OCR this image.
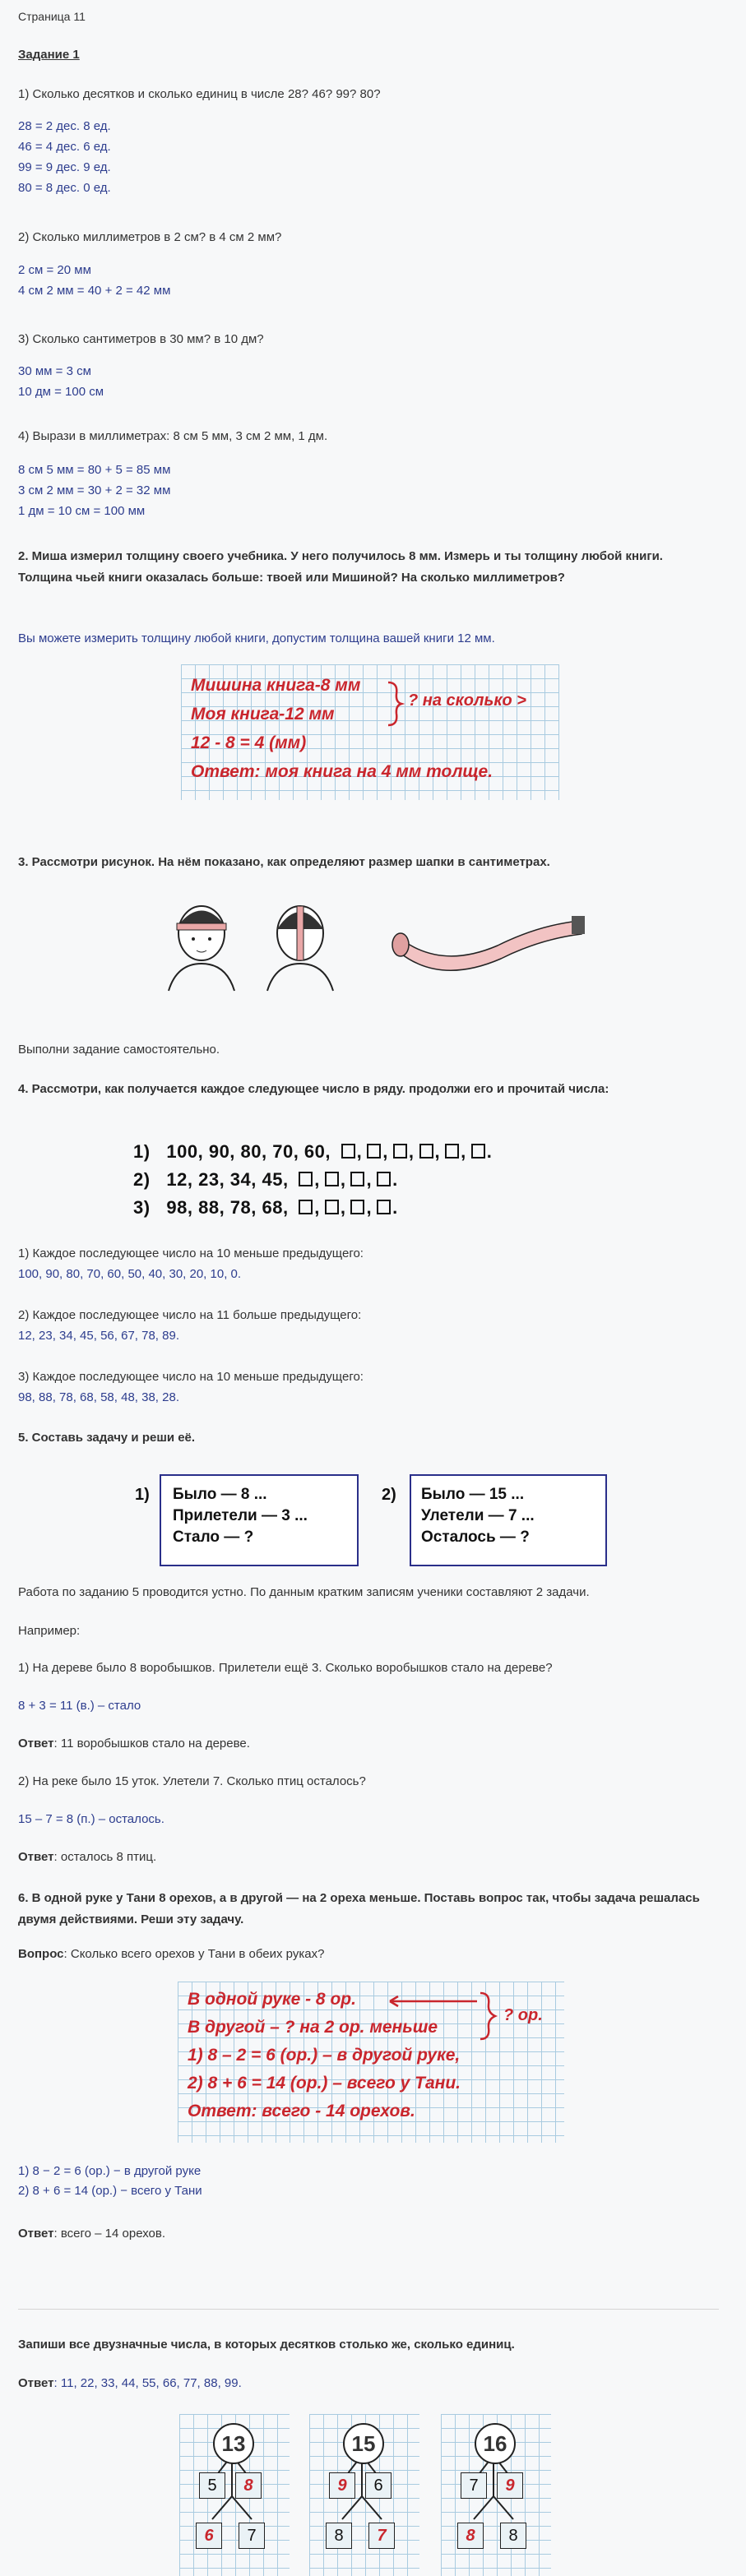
Страница 11
Задание 1
1) Сколько десятков и сколько единиц в числе 28? 46? 99? 80?
28 = 2 дес. 8 ед.
46 = 4 дес. 6 ед.
99 = 9 дес. 9 ед.
80 = 8 дес. 0 ед.
2) Сколько миллиметров в 2 см? в 4 см 2 мм?
2 см = 20 мм
4 см 2 мм = 40 + 2 = 42 мм
3) Сколько сантиметров в 30 мм? в 10 дм?
30 мм = 3 см
10 дм = 100 см
4) Вырази в миллиметрах: 8 см 5 мм, 3 см 2 мм, 1 дм.
8 см 5 мм = 80 + 5 = 85 мм
3 см 2 мм = 30 + 2 = 32 мм
1 дм = 10 см = 100 мм
2. Миша измерил толщину своего учебника. У него получилось 8 мм. Измерь и ты толщину любой книги. Толщина чьей книги оказалась больше: твоей или Мишиной? На сколько миллиметров?
Вы можете измерить толщину любой книги, допустим толщина вашей книги 12 мм.
Мишина книга-8 мм
Моя книга-12 мм
12 - 8 = 4 (мм)
Ответ: моя книга на 4 мм толще.
? на сколько >
3. Рассмотри рисунок. На нём показано, как определяют размер шапки в сантиметрах.
Выполни задание самостоятельно.
4. Рассмотри, как получается каждое следующее число в ряду. продолжи его и прочитай числа:
1) 100, 90, 80, 70, 60, , , , , , .
2) 12, 23, 34, 45, , , , .
3) 98, 88, 78, 68, , , , .
1) Каждое последующее число на 10 меньше предыдущего:
100, 90, 80, 70, 60, 50, 40, 30, 20, 10, 0.
2) Каждое последующее число на 11 больше предыдущего:
12, 23, 34, 45, 56, 67, 78, 89.
3) Каждое последующее число на 10 меньше предыдущего:
98, 88, 78, 68, 58, 48, 38, 28.
5. Составь задачу и реши её.
1) Было — 8 ...
Прилетели — 3 ...
Стало — ?
2) Было — 15 ...
Улетели — 7 ...
Осталось — ?
Работа по заданию 5 проводится устно. По данным кратким записям ученики составляют 2 задачи.
Например:
1) На дереве было 8 воробышков. Прилетели ещё 3. Сколько воробышков стало на дереве?
8 + 3 = 11 (в.) – стало
Ответ: 11 воробышков стало на дереве.
2) На реке было 15 уток. Улетели 7. Сколько птиц осталось?
15 – 7 = 8 (п.) – осталось.
Ответ: осталось 8 птиц.
6. В одной руке у Тани 8 орехов, а в другой — на 2 ореха меньше. Поставь вопрос так, чтобы задача решалась двумя действиями. Реши эту задачу.
Вопрос: Сколько всего орехов у Тани в обеих руках?
В одной руке - 8 ор.
В другой – ? на 2 ор. меньше
1) 8 – 2 = 6 (ор.) – в другой руке,
2) 8 + 6 = 14 (ор.) – всего у Тани.
Ответ: всего - 14 орехов.
? ор.
1) 8 − 2 = 6 (ор.) − в другой руке
2) 8 + 6 = 14 (ор.) − всего у Тани
Ответ: всего – 14 орехов.
Запиши все двузначные числа, в которых десятков столько же, сколько единиц.
Ответ: 11, 22, 33, 44, 55, 66, 77, 88, 99.
13
5	8
6	7
15
9	6
8	7
16
7	9
8	8
